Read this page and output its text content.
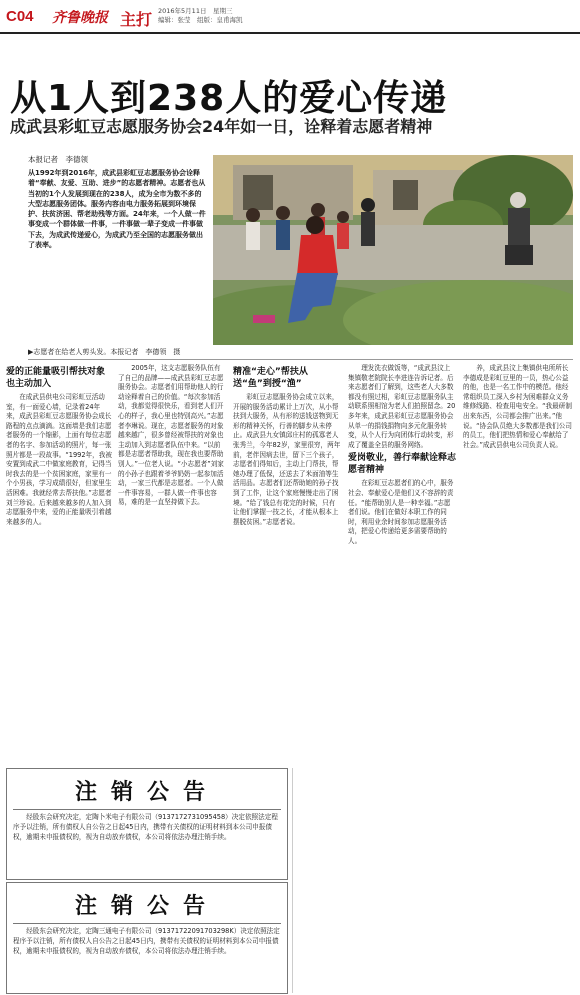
C04 齐鲁晚报 主打 2016年5月11日　星期三
编辑：张莹　组版：皇甫海凯
从1人到238人的爱心传递
成武县彩虹豆志愿服务协会24年如一日，诠释着志愿者精神
本报记者　李德领
从1992年到2016年，成武县彩虹豆志愿服务协会诠释着“奉献、友爱、互助、进步”的志愿者精神。志愿者也从当初的1个人发展到现在的238人，成为全市为数不多的大型志愿服务团体。服务内容由电力服务拓展到环境保护、扶贫济困、帮老助残等方面。24年来，一个人做一件事变成一个群体做一件事，一件事做一辈子变成一件事做下去，为成武传递爱心，为成武乃至全国的志愿服务做出了表率。
▶志愿者在给老人剪头发。本报记者　李德领　摄

爱的正能量吸引帮扶对象也主动加入

在成武县供电公司彩虹豆活动室，有一面爱心墙，记录着24年来，成武县彩虹豆志愿服务协会成长路程的点点滴滴。这面墙是我们志愿者服务的一个缩影，上面有每位志愿者的名字、参加活动的照片，每一张照片都是一段故事。“1992年，我被安置到成武二中做家庭教育，记得当时我去的是一个贫困家庭，家里有一个小男孩，学习成绩很好，但家里生活困难。我就经常去帮扶他。”志愿者刘兰珍说。后来越来越多的人加入到志愿服务中来，爱的正能量吸引着越来越多的人。

2005年，这支志愿服务队伍有了自己的品牌——成武县彩虹豆志愿服务协会。志愿者们用帮助他人的行动诠释着自己的价值。“每次参加活动，我都觉得很快乐，看到老人们开心的样子，我心里也特别高兴。”志愿者李琳说。现在，志愿者服务的对象越来越广，很多曾经被帮扶的对象也主动加入到志愿者队伍中来。“以前都是志愿者帮助我，现在我也要帮助别人。”一位老人说。“小志愿者”刘家的小孙子也跟着爷爷奶奶一起参加活动，一家三代都是志愿者。一个人做一件事容易，一群人做一件事也容易，难的是一直坚持做下去。

精准“走心”帮扶从送“鱼”到授“渔”

彩虹豆志愿服务协会成立以来，开展的服务活动累计上万次，从小帮扶到大服务，从有形的送钱送物到无形的精神关怀，行善的脚步从未停止。成武县九女镇邱庄村的孤寡老人张秀兰，今年82岁，家里很穷，两年前，老伴因病去世，留下三个孩子，志愿者们得知后，主动上门帮扶，帮她办理了低保，还送去了米面油等生活用品。志愿者们还帮助她的孙子找到了工作，让这个家庭慢慢走出了困境。“给了钱总有花完的时候，只有让他们掌握一技之长，才能从根本上摆脱贫困。”志愿者说。

理发洗衣做饭等，“成武县汶上集镇敬老院院长李进连告诉记者。后来志愿者们了解到，这些老人大多数都没有照过相，彩虹豆志愿服务队主动联系照相馆为老人们拍照留念。20多年来，成武县彩虹豆志愿服务协会从单一的捐钱捐物向多元化服务转变，从个人行为向团体行动转变，形成了覆盖全县的服务网络。

爱岗敬业，善行奉献诠释志愿者精神

在彩虹豆志愿者们的心中，服务社会、奉献爱心是他们义不容辞的责任。“能帮助别人是一种幸福。”志愿者们说。他们在做好本职工作的同时，利用业余时间参加志愿服务活动，把爱心传递给更多需要帮助的人。

养，成武县汶上集镇供电所所长李德成是彩虹豆里的一员，热心公益的他，也是一名工作中的模范。他经常组织员工深入乡村为困难群众义务维修线路、检查用电安全。“我最研制出来东西，公司都会推广出来。”他说。“协会队员绝大多数都是我们公司的员工，他们把热情和爱心奉献给了社会。”成武县供电公司负责人说。

注销公告
经股东会研究决定，定陶卜米电子有限公司（9137172731095458）决定依照法定程序予以注销，所有债权人自公告之日起45日内，携带有关债权的证明材料到本公司申报债权，逾期未申报债权的，视为自动放弃债权，本公司将依法办理注销手续。
注销公告
经股东会研究决定，定陶三通电子有限公司（91371722091703298K）决定依照法定程序予以注销，所有债权人自公告之日起45日内，携带有关债权的证明材料到本公司申报债权，逾期未申报债权的，视为自动放弃债权，本公司将依法办理注销手续。
